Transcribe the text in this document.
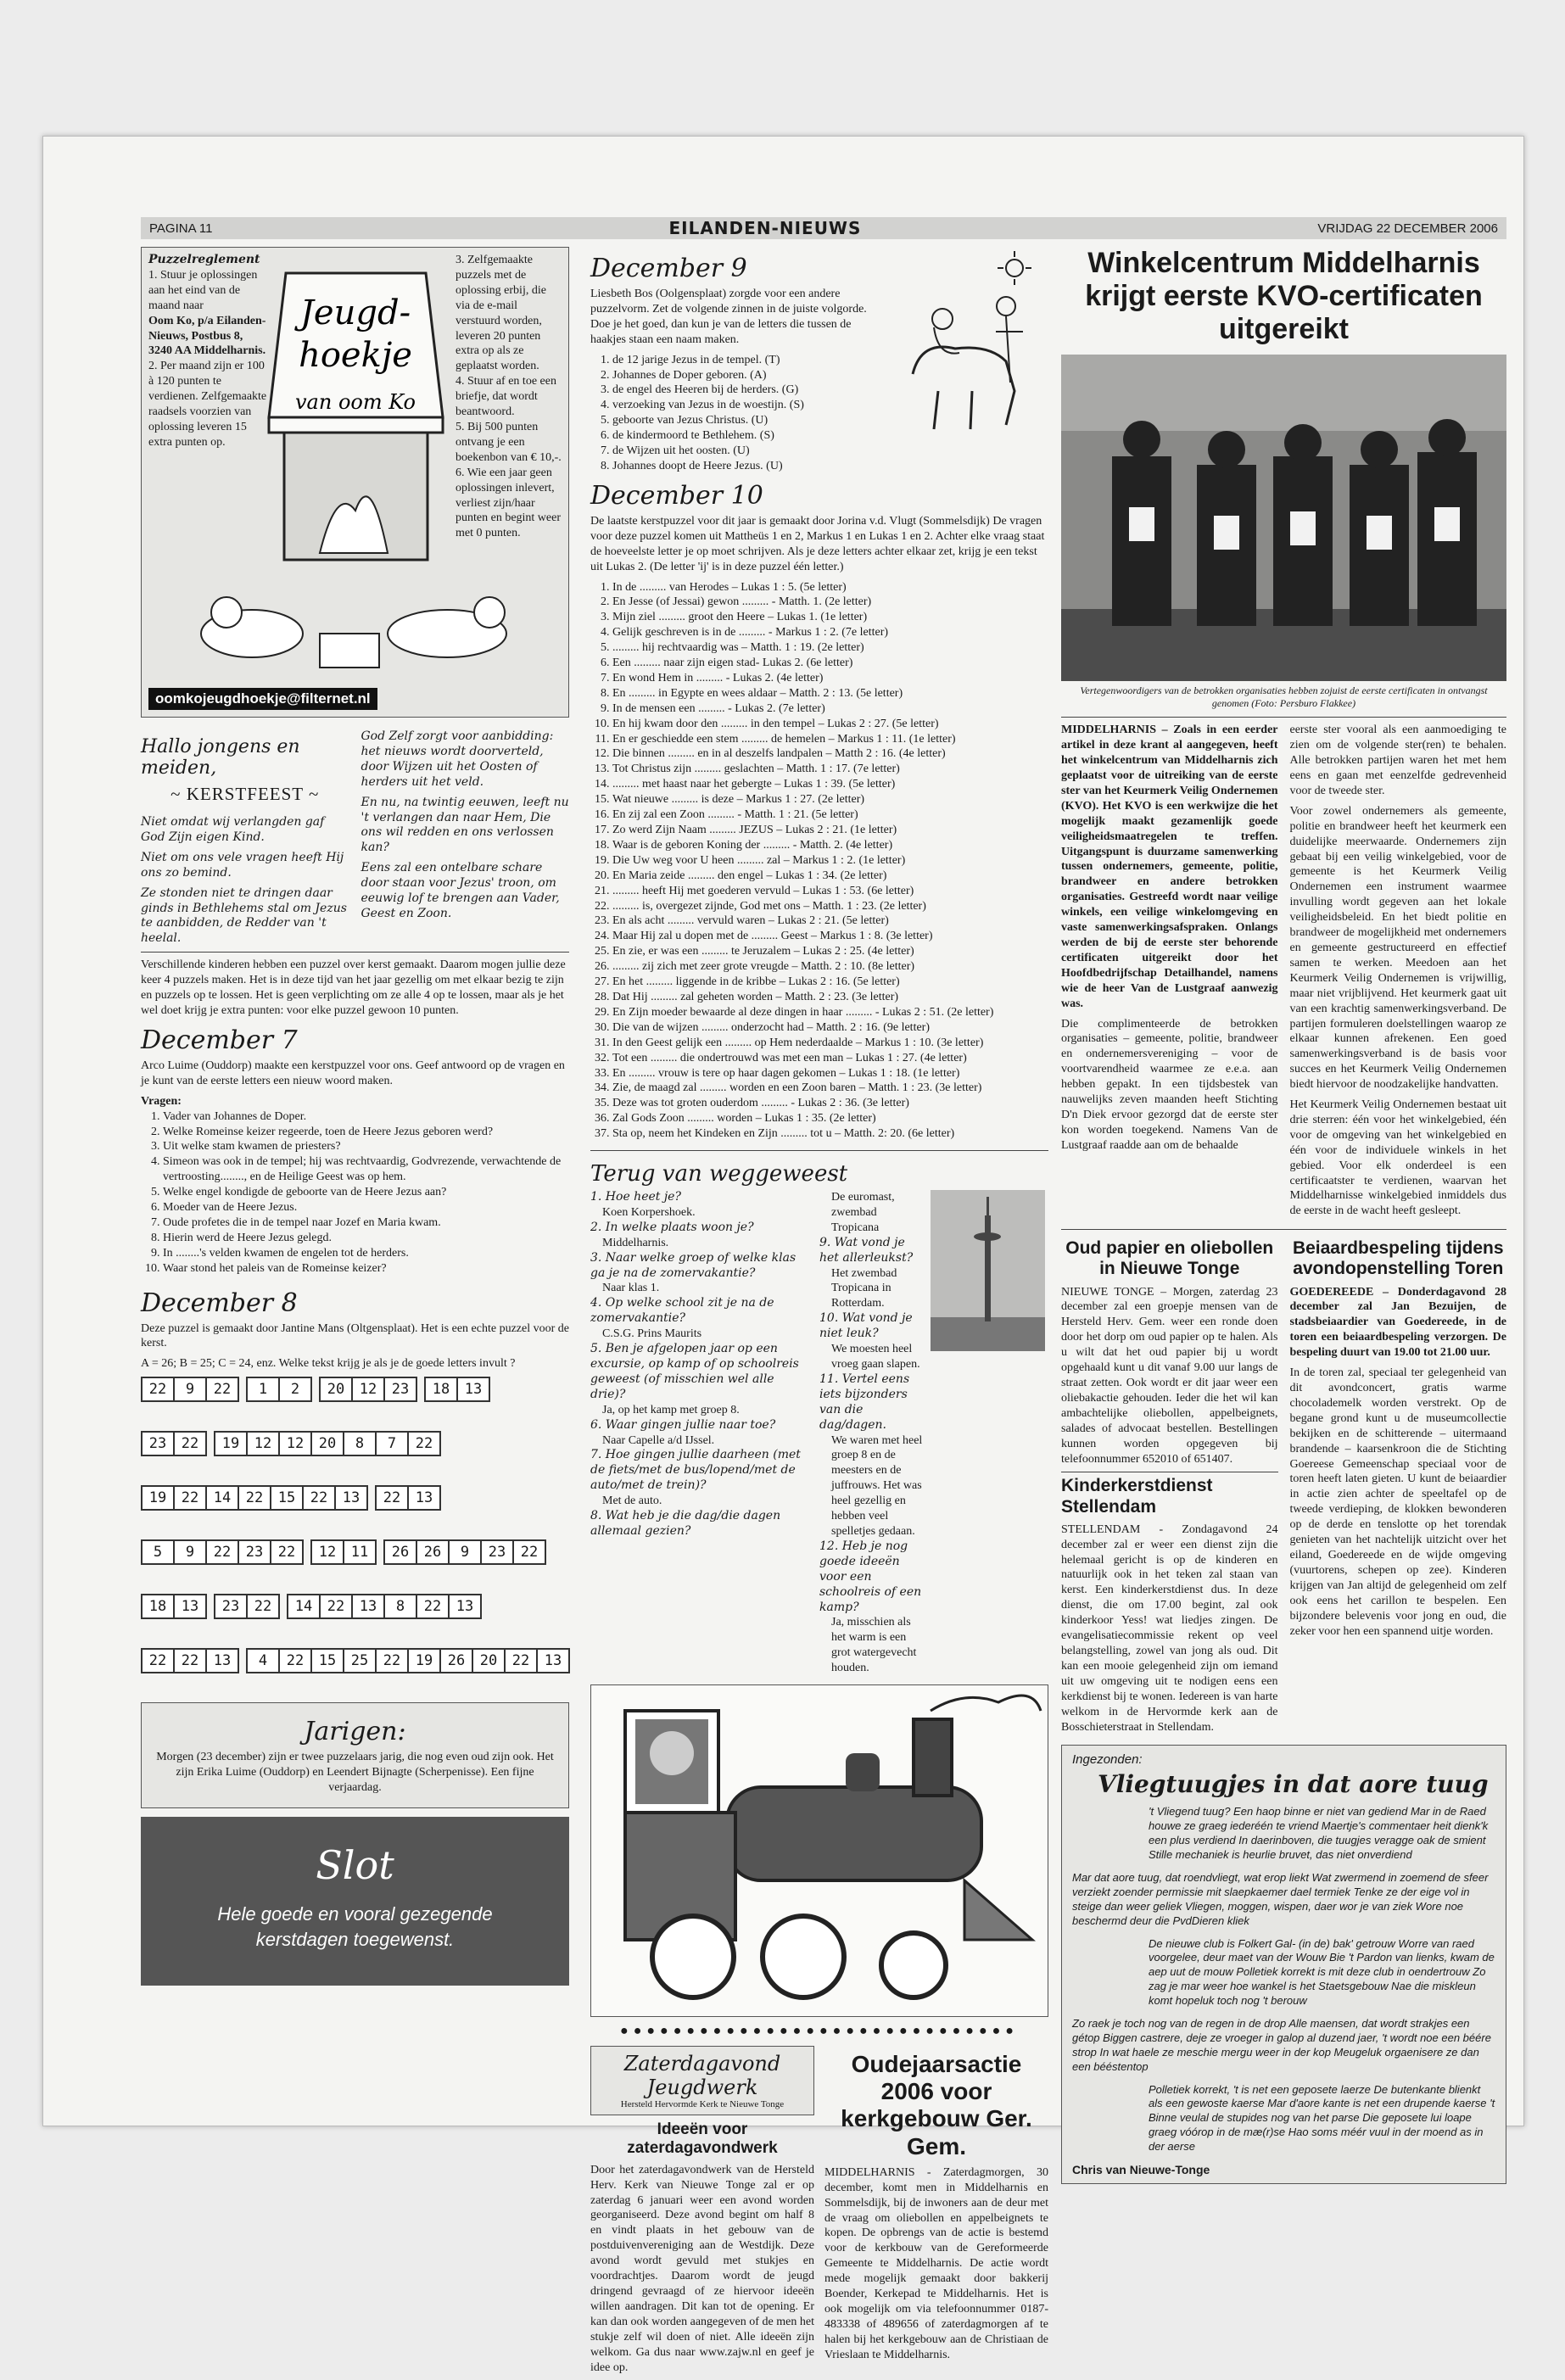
PAGINA 11	EILANDEN-NIEUWS	VRIJDAG 22 DECEMBER 2006
Puzzelreglement
1. Stuur je oplossingen aan het eind van de maand naar
Oom Ko, p/a Eilanden-Nieuws, Postbus 8, 3240 AA Middelharnis.
2. Per maand zijn er 100 à 120 punten te verdienen. Zelfgemaakte raadsels voorzien van oplossing leveren 15 extra punten op.
Jeugd-
hoekje
van oom Ko
3. Zelfgemaakte puzzels met de oplossing erbij, die via de e-mail verstuurd worden, leveren 20 punten extra op als ze geplaatst worden.
4. Stuur af en toe een briefje, dat wordt beantwoord.
5. Bij 500 punten ontvang je een boekenbon van € 10,-.
6. Wie een jaar geen oplossingen inlevert, verliest zijn/haar punten en begint weer met 0 punten.
oomkojeugdhoekje@filternet.nl
Hallo jongens en meiden,
~ KERSTFEEST ~

Niet omdat wij verlangden gaf God Zijn eigen Kind.

Niet om ons vele vragen heeft Hij ons zo bemind.

Ze stonden niet te dringen daar ginds in Bethlehems stal om Jezus te aanbidden, de Redder van 't heelal.

God Zelf zorgt voor aanbidding: het nieuws wordt doorverteld, door Wijzen uit het Oosten of herders uit het veld.

En nu, na twintig eeuwen, leeft nu 't verlangen dan naar Hem, Die ons wil redden en ons verlossen kan?

Eens zal een ontelbare schare door staan voor Jezus' troon, om eeuwig lof te brengen aan Vader, Geest en Zoon.

Verschillende kinderen hebben een puzzel over kerst gemaakt. Daarom mogen jullie deze keer 4 puzzels maken. Het is in deze tijd van het jaar gezellig om met elkaar bezig te zijn en puzzels op te lossen. Het is geen verplichting om ze alle 4 op te lossen, maar als je het wel doet krijg je extra punten: voor elke puzzel gewoon 10 punten.

December 7

Arco Luime (Ouddorp) maakte een kerstpuzzel voor ons. Geef antwoord op de vragen en je kunt van de eerste letters een nieuw woord maken.

Vragen:
1. Vader van Johannes de Doper.
2. Welke Romeinse keizer regeerde, toen de Heere Jezus geboren werd?
3. Uit welke stam kwamen de priesters?
4. Simeon was ook in de tempel; hij was rechtvaardig, Godvrezende, verwachtende de vertroosting........, en de Heilige Geest was op hem.
5. Welke engel kondigde de geboorte van de Heere Jezus aan?
6. Moeder van de Heere Jezus.
7. Oude profetes die in de tempel naar Jozef en Maria kwam.
8. Hierin werd de Heere Jezus gelegd.
9. In ........'s velden kwamen de engelen tot de herders.
10. Waar stond het paleis van de Romeinse keizer?
December 8

Deze puzzel is gemaakt door Jantine Mans (Oltgensplaat). Het is een echte puzzel voor de kerst.

A = 26; B = 25; C = 24, enz. Welke tekst krijg je als je de goede letters invult ?

22	9	22	1	2	20	12	23	18	13
23	22	19	12	12	20	8	7	22
19	22	14	22	15	22	13	22	13
5	9	22	23	22	12	11	26	26	9	23	22
18	13	23	22	14	22	13	8	22	13
22	22	13	4	22	15	25	22	19	26	20	22	13
Jarigen:

Morgen (23 december) zijn er twee puzzelaars jarig, die nog even oud zijn ook. Het zijn Erika Luime (Ouddorp) en Leendert Bijnagte (Scherpenisse). Een fijne verjaardag.

Slot
Hele goede en vooral gezegende kerstdagen toegewenst.
December 9

Liesbeth Bos (Oolgensplaat) zorgde voor een andere puzzelvorm. Zet de volgende zinnen in de juiste volgorde. Doe je het goed, dan kun je van de letters die tussen de haakjes staan een naam maken.

1. de 12 jarige Jezus in de tempel. (T)
2. Johannes de Doper geboren. (A)
3. de engel des Heeren bij de herders. (G)
4. verzoeking van Jezus in de woestijn. (S)
5. geboorte van Jezus Christus. (U)
6. de kindermoord te Bethlehem. (S)
7. de Wijzen uit het oosten. (U)
8. Johannes doopt de Heere Jezus. (U)
December 10

De laatste kerstpuzzel voor dit jaar is gemaakt door Jorina v.d. Vlugt (Sommelsdijk) De vragen voor deze puzzel komen uit Mattheüs 1 en 2, Markus 1 en Lukas 1 en 2. Achter elke vraag staat de hoeveelste letter je op moet schrijven. Als je deze letters achter elkaar zet, krijg je een tekst uit Lukas 2. (De letter 'ij' is in deze puzzel één letter.)

1. In de ......... van Herodes – Lukas 1 : 5. (5e letter)
2. En Jesse (of Jessai) gewon ......... - Matth. 1. (2e letter)
3. Mijn ziel ......... groot den Heere – Lukas 1. (1e letter)
4. Gelijk geschreven is in de ......... - Markus 1 : 2. (7e letter)
5. ......... hij rechtvaardig was – Matth. 1 : 19. (2e letter)
6. Een ......... naar zijn eigen stad- Lukas 2. (6e letter)
7. En wond Hem in ......... - Lukas 2. (4e letter)
8. En ......... in Egypte en wees aldaar – Matth. 2 : 13. (5e letter)
9. In de mensen een ......... - Lukas 2. (7e letter)
10. En hij kwam door den ......... in den tempel – Lukas 2 : 27. (5e letter)
11. En er geschiedde een stem ......... de hemelen – Markus 1 : 11. (1e letter)
12. Die binnen ......... en in al deszelfs landpalen – Matth 2 : 16. (4e letter)
13. Tot Christus zijn ......... geslachten – Matth. 1 : 17. (7e letter)
14. ......... met haast naar het gebergte – Lukas 1 : 39. (5e letter)
15. Wat nieuwe ......... is deze – Markus 1 : 27. (2e letter)
16. En zij zal een Zoon ......... - Matth. 1 : 21. (5e letter)
17. Zo werd Zijn Naam ......... JEZUS – Lukas 2 : 21. (1e letter)
18. Waar is de geboren Koning der ......... - Matth. 2. (4e letter)
19. Die Uw weg voor U heen ......... zal – Markus 1 : 2. (1e letter)
20. En Maria zeide ......... den engel – Lukas 1 : 34. (2e letter)
21. ......... heeft Hij met goederen vervuld – Lukas 1 : 53. (6e letter)
22. ......... is, overgezet zijnde, God met ons – Matth. 1 : 23. (2e letter)
23. En als acht ......... vervuld waren – Lukas 2 : 21. (5e letter)
24. Maar Hij zal u dopen met de ......... Geest – Markus 1 : 8. (3e letter)
25. En zie, er was een ......... te Jeruzalem – Lukas 2 : 25. (4e letter)
26. ......... zij zich met zeer grote vreugde – Matth. 2 : 10. (8e letter)
27. En het ......... liggende in de kribbe – Lukas 2 : 16. (5e letter)
28. Dat Hij ......... zal geheten worden – Matth. 2 : 23. (3e letter)
29. En Zijn moeder bewaarde al deze dingen in haar ......... - Lukas 2 : 51. (2e letter)
30. Die van de wijzen ......... onderzocht had – Matth. 2 : 16. (9e letter)
31. In den Geest gelijk een ......... op Hem nederdaalde – Markus 1 : 10. (3e letter)
32. Tot een ......... die ondertrouwd was met een man – Lukas 1 : 27. (4e letter)
33. En ......... vrouw is tere op haar dagen gekomen – Lukas 1 : 18. (1e letter)
34. Zie, de maagd zal ......... worden en een Zoon baren – Matth. 1 : 23. (3e letter)
35. Deze was tot groten ouderdom ......... - Lukas 2 : 36. (3e letter)
36. Zal Gods Zoon ......... worden – Lukas 1 : 35. (2e letter)
37. Sta op, neem het Kindeken en Zijn ......... tot u – Matth. 2: 20. (6e letter)
Terug van weggeweest
1. Hoe heet je?
Koen Korpershoek.
2. In welke plaats woon je?
Middelharnis.
3. Naar welke groep of welke klas ga je na de zomervakantie?
Naar klas 1.
4. Op welke school zit je na de zomervakantie?
C.S.G. Prins Maurits
5. Ben je afgelopen jaar op een excursie, op kamp of op schoolreis geweest (of misschien wel alle drie)?
Ja, op het kamp met groep 8.
6. Waar gingen jullie naar toe?
Naar Capelle a/d IJssel.
7. Hoe gingen jullie daarheen (met de fiets/met de bus/lopend/met de auto/met de trein)?
Met de auto.
8. Wat heb je die dag/die dagen allemaal gezien?
De euromast, zwembad Tropicana
9. Wat vond je het allerleukst?
Het zwembad Tropicana in Rotterdam.
10. Wat vond je niet leuk?
We moesten heel vroeg gaan slapen.
11. Vertel eens iets bijzonders van die dag/dagen.
We waren met heel groep 8 en de meesters en de juffrouws. Het was heel gezellig en hebben veel spelletjes gedaan.
12. Heb je nog goede ideeën voor een schoolreis of een kamp?
Ja, misschien als het warm is een grot watergevecht houden.
●●●●●●●●●●●●●●●●●●●●●●●●●●●●●●
Zaterdagavond Jeugdwerk
Hersteld Hervormde Kerk te Nieuwe Tonge
Ideeën voor zaterdagavondwerk

Door het zaterdagavondwerk van de Hersteld Herv. Kerk van Nieuwe Tonge zal er op zaterdag 6 januari weer een avond worden georganiseerd. Deze avond begint om half 8 en vindt plaats in het gebouw van de postduivenvereniging aan de Westdijk. Deze avond wordt gevuld met stukjes en voordrachtjes. Daarom wordt de jeugd dringend gevraagd of ze hiervoor ideeën willen aandragen. Dit kan tot de opening. Er kan dan ook worden aangegeven of de men het stukje zelf wil doen of niet. Alle ideeën zijn welkom. Ga dus naar www.zajw.nl en geef je idee op.

Oudejaarsactie 2006 voor kerkgebouw Ger. Gem.

MIDDELHARNIS - Zaterdagmorgen, 30 december, komt men in Middelharnis en Sommelsdijk, bij de inwoners aan de deur met de vraag om oliebollen en appelbeignets te kopen. De opbrengs van de actie is bestemd voor de kerkbouw van de Gereformeerde Gemeente te Middelharnis. De actie wordt mede mogelijk gemaakt door bakkerij Boender, Kerkepad te Middelharnis. Het is ook mogelijk om via telefoonnummer 0187-483338 of 489656 of zaterdagmorgen af te halen bij het kerkgebouw aan de Christiaan de Vrieslaan te Middelharnis.

Winkelcentrum Middelharnis krijgt eerste KVO-certificaten uitgereikt
Vertegenwoordigers van de betrokken organisaties hebben zojuist de eerste certificaten in ontvangst genomen (Foto: Persburo Flakkee)

MIDDELHARNIS – Zoals in een eerder artikel in deze krant al aangegeven, heeft het winkelcentrum van Middelharnis zich geplaatst voor de uitreiking van de eerste ster van het Keurmerk Veilig Ondernemen (KVO). Het KVO is een werkwijze die het mogelijk maakt gezamenlijk goede veiligheidsmaatregelen te treffen. Uitgangspunt is duurzame samenwerking tussen ondernemers, gemeente, politie, brandweer en andere betrokken organisaties. Gestreefd wordt naar veilige winkels, een veilige winkelomgeving en vaste samenwerkingsafspraken. Onlangs werden de bij de eerste ster behorende certificaten uitgereikt door het Hoofdbedrijfschap Detailhandel, namens wie de heer Van de Lustgraaf aanwezig was.

Die complimenteerde de betrokken organisaties – gemeente, politie, brandweer en ondernemersvereniging – voor de voortvarendheid waarmee ze e.e.a. aan hebben gepakt. In een tijdsbestek van nauwelijks zeven maanden heeft Stichting D'n Diek ervoor gezorgd dat de eerste ster kon worden toegekend. Namens Van de Lustgraaf raadde aan om de behaalde

eerste ster vooral als een aanmoediging te zien om de volgende ster(ren) te behalen. Alle betrokken partijen waren het met hem eens en gaan met eenzelfde gedrevenheid voor de tweede ster.

Voor zowel ondernemers als gemeente, politie en brandweer heeft het keurmerk een duidelijke meerwaarde. Ondernemers zijn gebaat bij een veilig winkelgebied, voor de gemeente is het Keurmerk Veilig Ondernemen een instrument waarmee invulling wordt gegeven aan het lokale veiligheidsbeleid. En het biedt politie en brandweer de mogelijkheid met ondernemers en gemeente gestructureerd en effectief samen te werken. Meedoen aan het Keurmerk Veilig Ondernemen is vrijwillig, maar niet vrijblijvend. Het keurmerk gaat uit van een krachtig samenwerkingsverband. De partijen formuleren doelstellingen waarop ze elkaar kunnen afrekenen. Een goed samenwerkingsverband is de basis voor succes en het Keurmerk Veilig Ondernemen biedt hiervoor de noodzakelijke handvatten.

Het Keurmerk Veilig Ondernemen bestaat uit drie sterren: één voor het winkelgebied, één voor de omgeving van het winkelgebied en één voor de individuele winkels in het gebied. Voor elk onderdeel is een certificaatster te verdienen, waarvan het Middelharnisse winkelgebied inmiddels dus de eerste in de wacht heeft gesleept.

Oud papier en oliebollen in Nieuwe Tonge

NIEUWE TONGE – Morgen, zaterdag 23 december zal een groepje mensen van de Hersteld Herv. Gem. weer een ronde doen door het dorp om oud papier op te halen. Als u wilt dat het oud papier bij u wordt opgehaald kunt u dit vanaf 9.00 uur langs de straat zetten. Ook wordt er dit jaar weer een oliebakactie gehouden. Ieder die het wil kan ambachtelijke oliebollen, appelbeignets, salades of advocaat bestellen. Bestellingen kunnen worden opgegeven bij telefoonnummer 652010 of 651407.

Kinderkerstdienst Stellendam

STELLENDAM - Zondagavond 24 december zal er weer een dienst zijn die helemaal gericht is op de kinderen en natuurlijk ook in het teken zal staan van kerst. Een kinderkerstdienst dus. In deze dienst, die om 17.00 begint, zal ook kinderkoor Yess! wat liedjes zingen. De evangelisatiecommissie rekent op veel belangstelling, zowel van jong als oud. Dit kan een mooie gelegenheid zijn om iemand uit uw omgeving uit te nodigen eens een kerkdienst bij te wonen. Iedereen is van harte welkom in de Hervormde kerk aan de Bosschieterstraat in Stellendam.

Beiaardbespeling tijdens avondopenstelling Toren

GOEDEREEDE – Donderdagavond 28 december zal Jan Bezuijen, de stadsbeiaardier van Goedereede, in de toren een beiaardbespeling verzorgen. De bespeling duurt van 19.00 tot 21.00 uur.

In de toren zal, speciaal ter gelegenheid van dit avondconcert, gratis warme chocolademelk worden verstrekt. Op de begane grond kunt u de museumcollectie bekijken en de schitterende – uitermaand brandende – kaarsenkroon die de Stichting Goereese Gemeenschap speciaal voor de toren heeft laten gieten. U kunt de beiaardier in actie zien achter de speeltafel op de tweede verdieping, de klokken bewonderen op de derde en tenslotte op het torendak genieten van het nachtelijk uitzicht over het eiland, Goedereede en de wijde omgeving (vuurtorens, schepen op zee). Kinderen krijgen van Jan altijd de gelegenheid om zelf ook eens het carillon te bespelen. Een bijzondere belevenis voor jong en oud, die zeker voor hen een spannend uitje worden.

Ingezonden:
Vliegtuugjes in dat aore tuug

't Vliegend tuug? Een haop binne er niet van gediend Mar in de Raed houwe ze graeg iederéén te vriend Maertje's commentaer heit dienk'k een plus verdiend In daerinboven, die tuugjes veragge oak de smient Stille mechaniek is heurlie bruvet, das niet onverdiend

Mar dat aore tuug, dat roendvliegt, wat erop liekt Wat zwermend in zoemend de sfeer verziekt zoender permissie mit slaepkaemer dael termiek Tenke ze der eige vol in steige dan weer geliek Vliegen, moggen, wispen, daer wor je van ziek Wore noe beschermd deur die PvdDieren kliek

De nieuwe club is Folkert Gal- (in de) bak' getrouw Worre van raed voorgelee, deur maet van der Wouw Bie 't Pardon van lienks, kwam de aep uut de mouw Polletiek korrekt is mit deze club in oendertrouw Zo zag je mar weer hoe wankel is het Staetsgebouw Nae die miskleun komt hopeluk toch nog 't berouw

Zo raek je toch nog van de regen in de drop Alle maensen, dat wordt strakjes een gétop Biggen castrere, deje ze vroeger in galop al duzend jaer, 't wordt noe een béére strop In wat haele ze meschie mergu weer in der kop Meugeluk orgaenisere ze dan een bééstentop

Polletiek korrekt, 't is net een geposete laerze De butenkante blienkt als een gewoste kaerse Mar d'aore kante is net een drupende kaerse 't Binne veulal de stupides nog van het parse Die geposete lui loape graeg vóórop in de mæ(r)se Hao soms méér vuul in der moend as in der aerse

Chris van Nieuwe-Tonge
